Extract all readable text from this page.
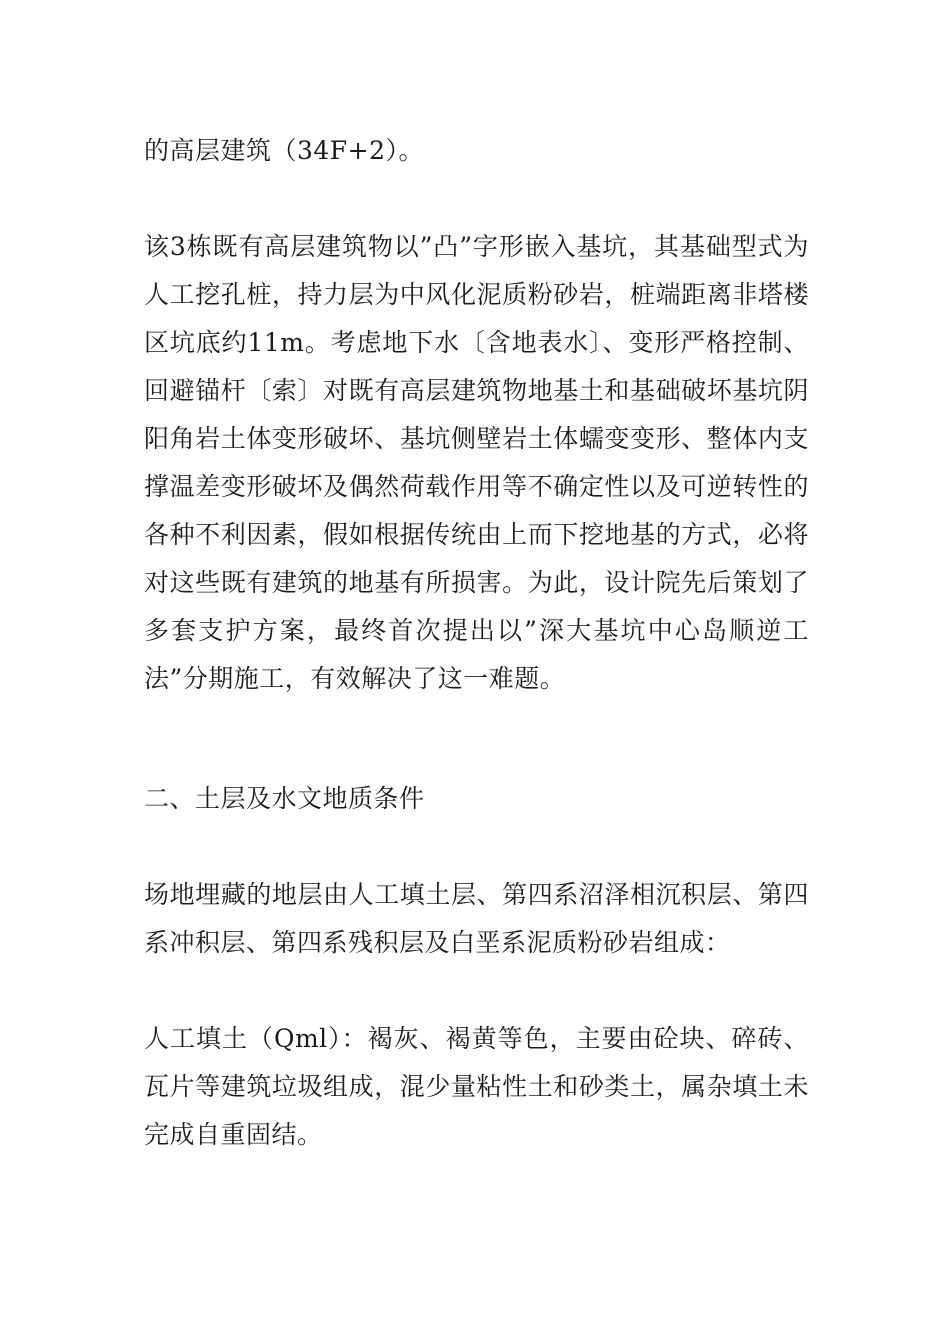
的高层建筑（34F+2）。

该3栋既有高层建筑物以”凸”字形嵌入基坑，其基础型式为人工挖孔桩，持力层为中风化泥质粉砂岩，桩端距离非塔楼区坑底约11m。考虑地下水〔含地表水〕、变形严格控制、回避锚杆〔索〕对既有高层建筑物地基土和基础破坏基坑阴阳角岩土体变形破坏、基坑侧壁岩土体蠕变变形、整体内支撑温差变形破坏及偶然荷载作用等不确定性以及可逆转性的各种不利因素，假如根据传统由上而下挖地基的方式，必将对这些既有建筑的地基有所损害。为此，设计院先后策划了多套支护方案，最终首次提出以”深大基坑中心岛顺逆工法”分期施工，有效解决了这一难题。

二、土层及水文地质条件

场地埋藏的地层由人工填土层、第四系沼泽相沉积层、第四系冲积层、第四系残积层及白垩系泥质粉砂岩组成：

人工填土（Qml）：褐灰、褐黄等色，主要由砼块、碎砖、瓦片等建筑垃圾组成，混少量粘性土和砂类土，属杂填土未完成自重固结。
